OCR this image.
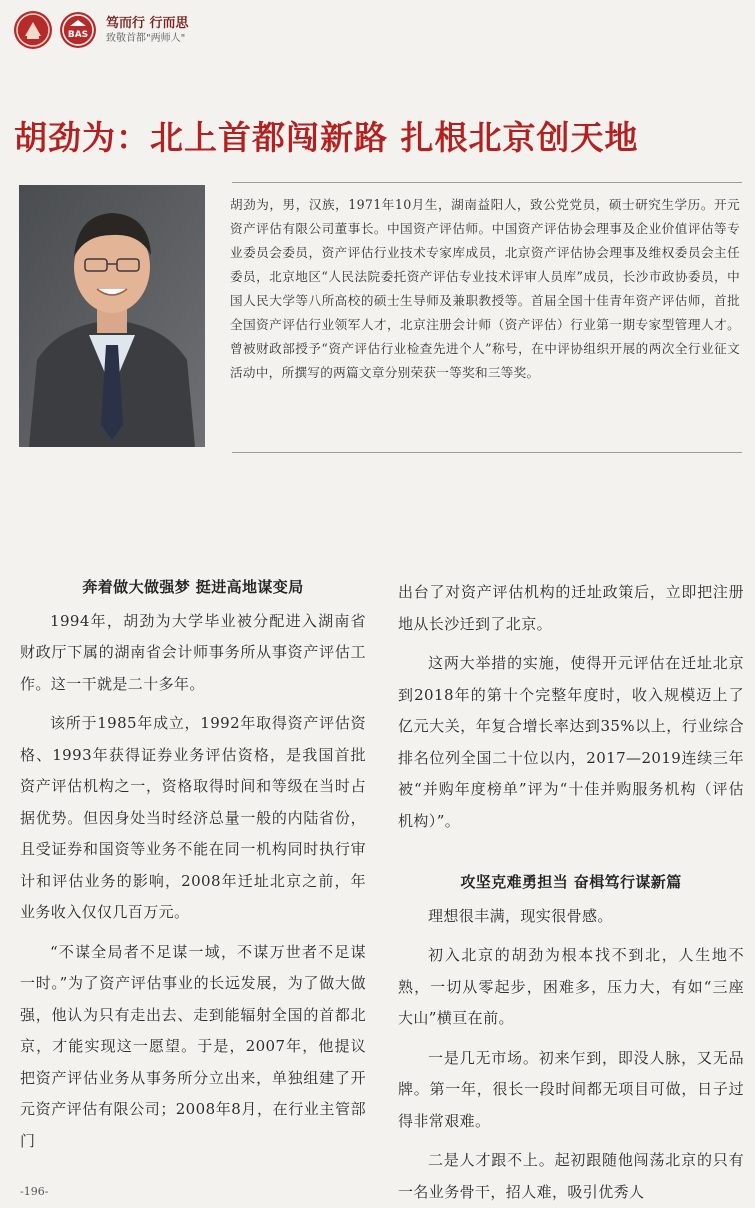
BAS
笃而行 行而思
致敬首都"两师人"
胡劲为：北上首都闯新路 扎根北京创天地
胡劲为，男，汉族，1971年10月生，湖南益阳人，致公党党员，硕士研究生学历。开元资产评估有限公司董事长。中国资产评估师。中国资产评估协会理事及企业价值评估等专业委员会委员，资产评估行业技术专家库成员，北京资产评估协会理事及维权委员会主任委员，北京地区“人民法院委托资产评估专业技术评审人员库”成员，长沙市政协委员，中国人民大学等八所高校的硕士生导师及兼职教授等。首届全国十佳青年资产评估师，首批全国资产评估行业领军人才，北京注册会计师（资产评估）行业第一期专家型管理人才。曾被财政部授予“资产评估行业检查先进个人”称号，在中评协组织开展的两次全行业征文活动中，所撰写的两篇文章分别荣获一等奖和三等奖。
奔着做大做强梦 挺进高地谋变局

1994年，胡劲为大学毕业被分配进入湖南省财政厅下属的湖南省会计师事务所从事资产评估工作。这一干就是二十多年。

该所于1985年成立，1992年取得资产评估资格、1993年获得证券业务评估资格，是我国首批资产评估机构之一，资格取得时间和等级在当时占据优势。但因身处当时经济总量一般的内陆省份，且受证券和国资等业务不能在同一机构同时执行审计和评估业务的影响，2008年迁址北京之前，年业务收入仅仅几百万元。

“不谋全局者不足谋一域，不谋万世者不足谋一时。”为了资产评估事业的长远发展，为了做大做强，他认为只有走出去、走到能辐射全国的首都北京，才能实现这一愿望。于是，2007年，他提议把资产评估业务从事务所分立出来，单独组建了开元资产评估有限公司；2008年8月，在行业主管部门

出台了对资产评估机构的迁址政策后，立即把注册地从长沙迁到了北京。

这两大举措的实施，使得开元评估在迁址北京到2018年的第十个完整年度时，收入规模迈上了亿元大关，年复合增长率达到35%以上，行业综合排名位列全国二十位以内，2017—2019连续三年被“并购年度榜单”评为“十佳并购服务机构（评估机构）”。

攻坚克难勇担当 奋楫笃行谋新篇

理想很丰满，现实很骨感。

初入北京的胡劲为根本找不到北，人生地不熟，一切从零起步，困难多，压力大，有如“三座大山”横亘在前。

一是几无市场。初来乍到，即没人脉，又无品牌。第一年，很长一段时间都无项目可做，日子过得非常艰难。

二是人才跟不上。起初跟随他闯荡北京的只有一名业务骨干，招人难，吸引优秀人

-196-
